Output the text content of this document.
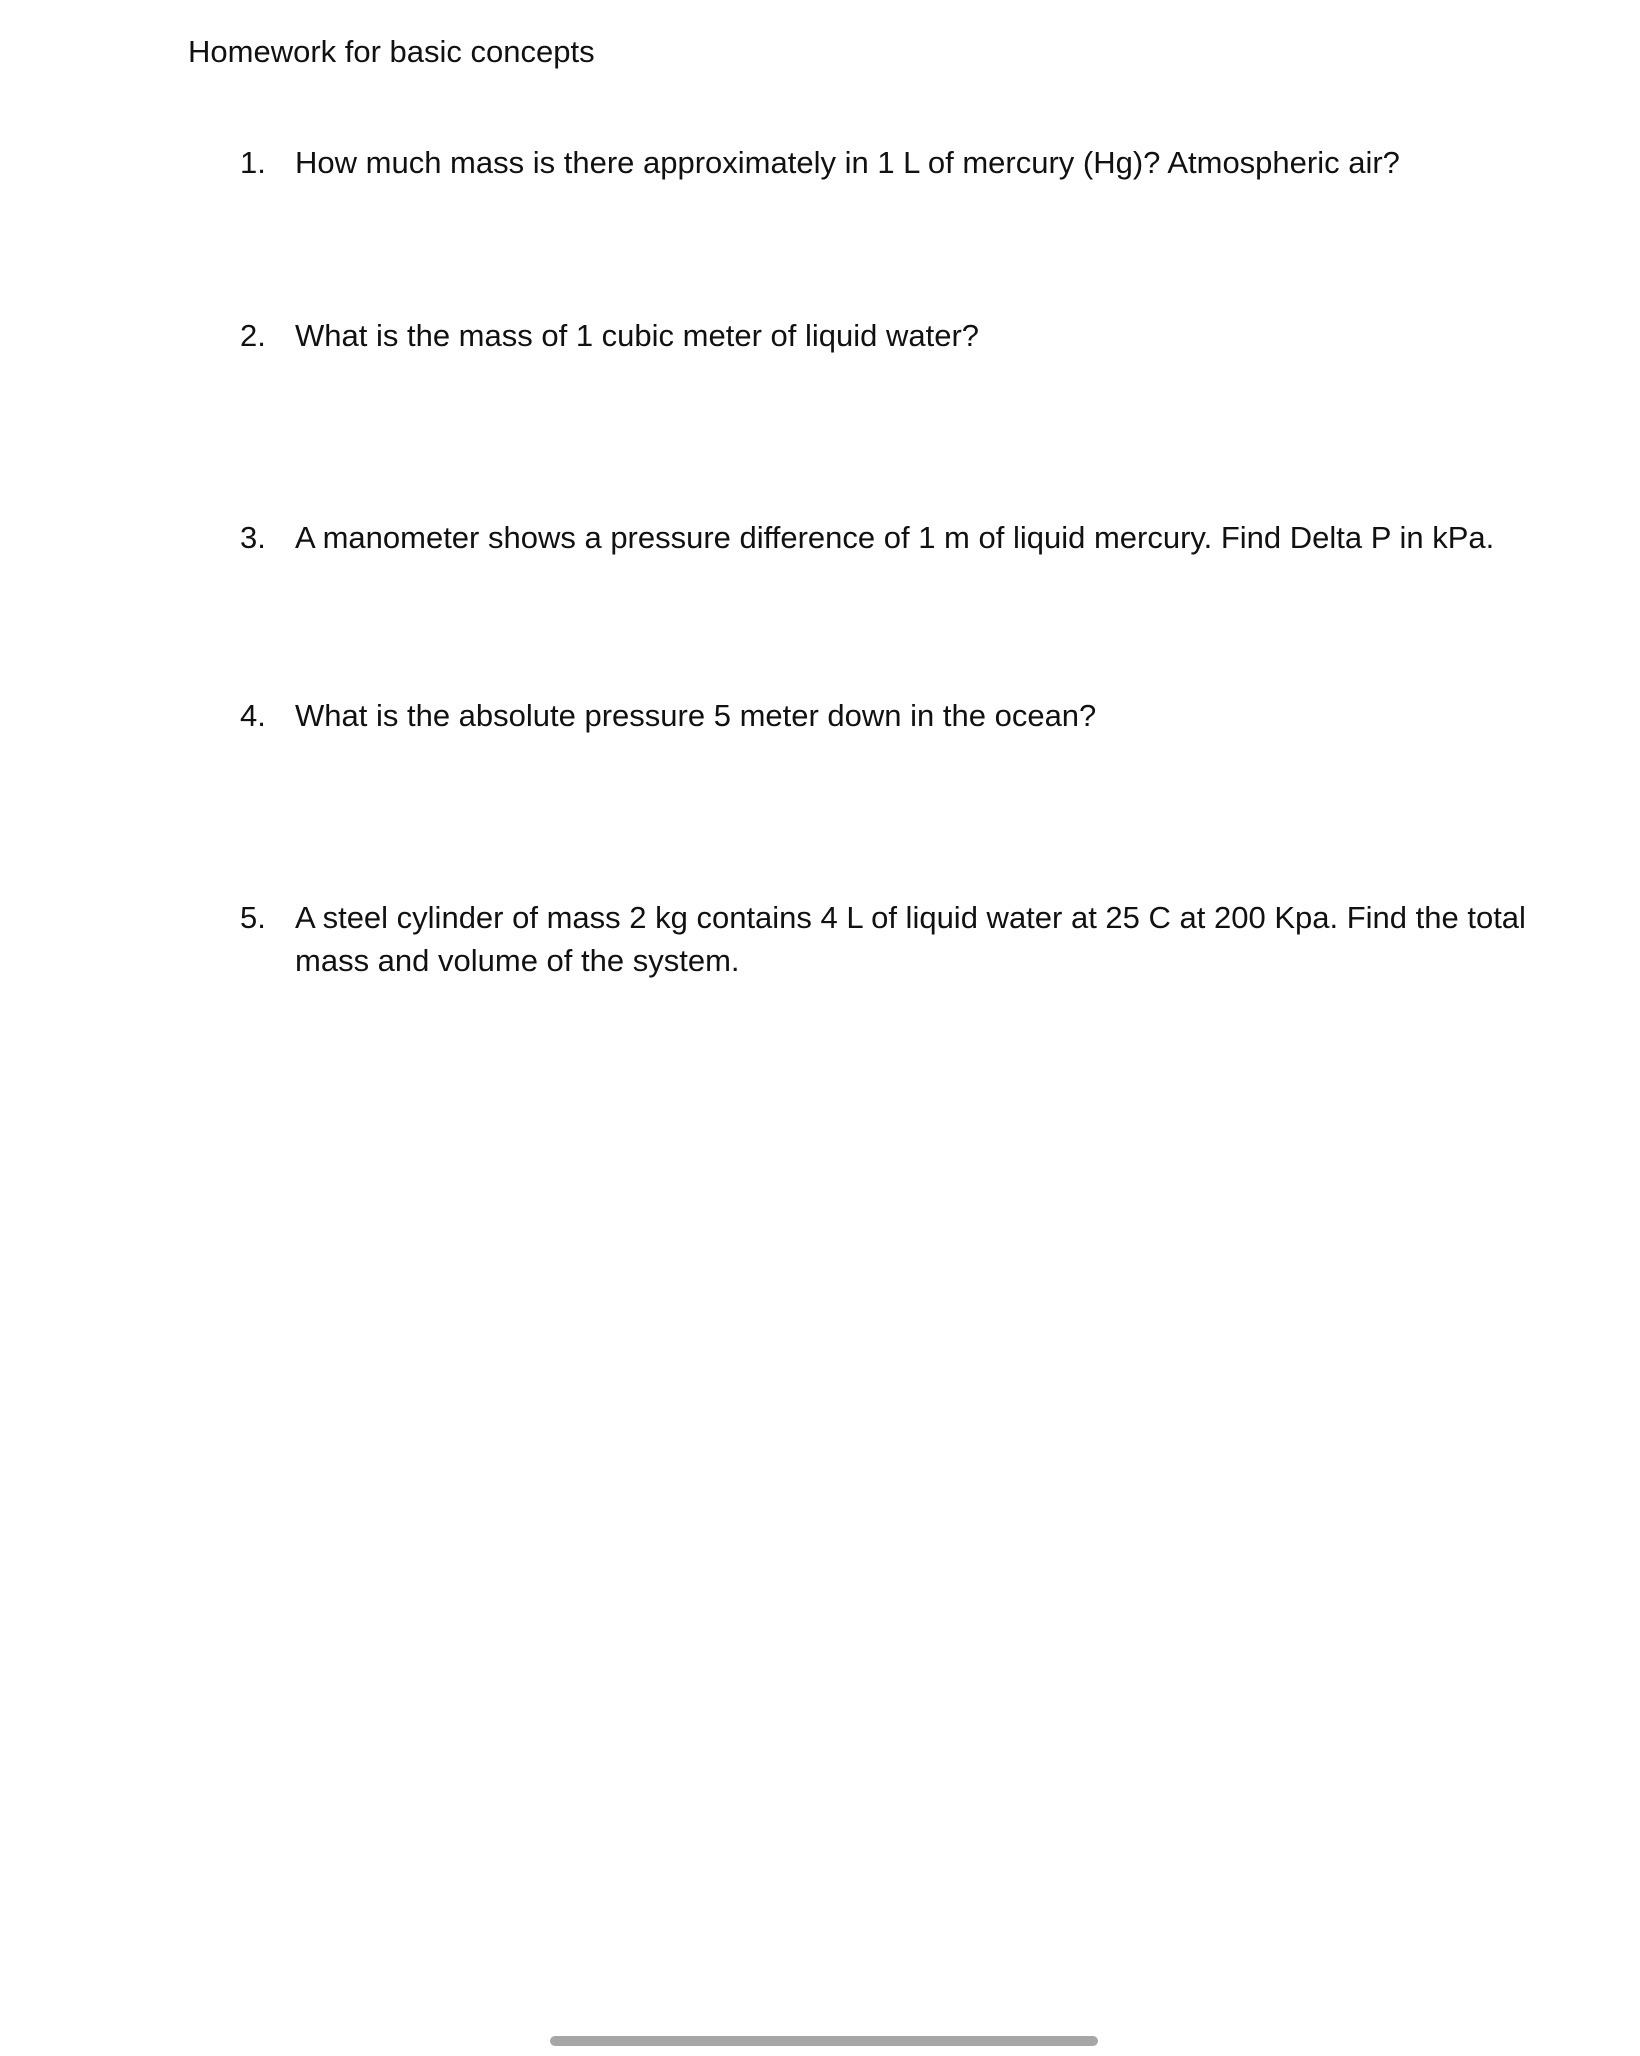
Homework for basic concepts
1. How much mass is there approximately in 1 L of mercury (Hg)? Atmospheric air?
2. What is the mass of 1 cubic meter of liquid water?
3. A manometer shows a pressure difference of 1 m of liquid mercury. Find Delta P in kPa.
4. What is the absolute pressure 5 meter down in the ocean?
5. A steel cylinder of mass 2 kg contains 4 L of liquid water at 25 C at 200 Kpa. Find the total mass and volume of the system.
